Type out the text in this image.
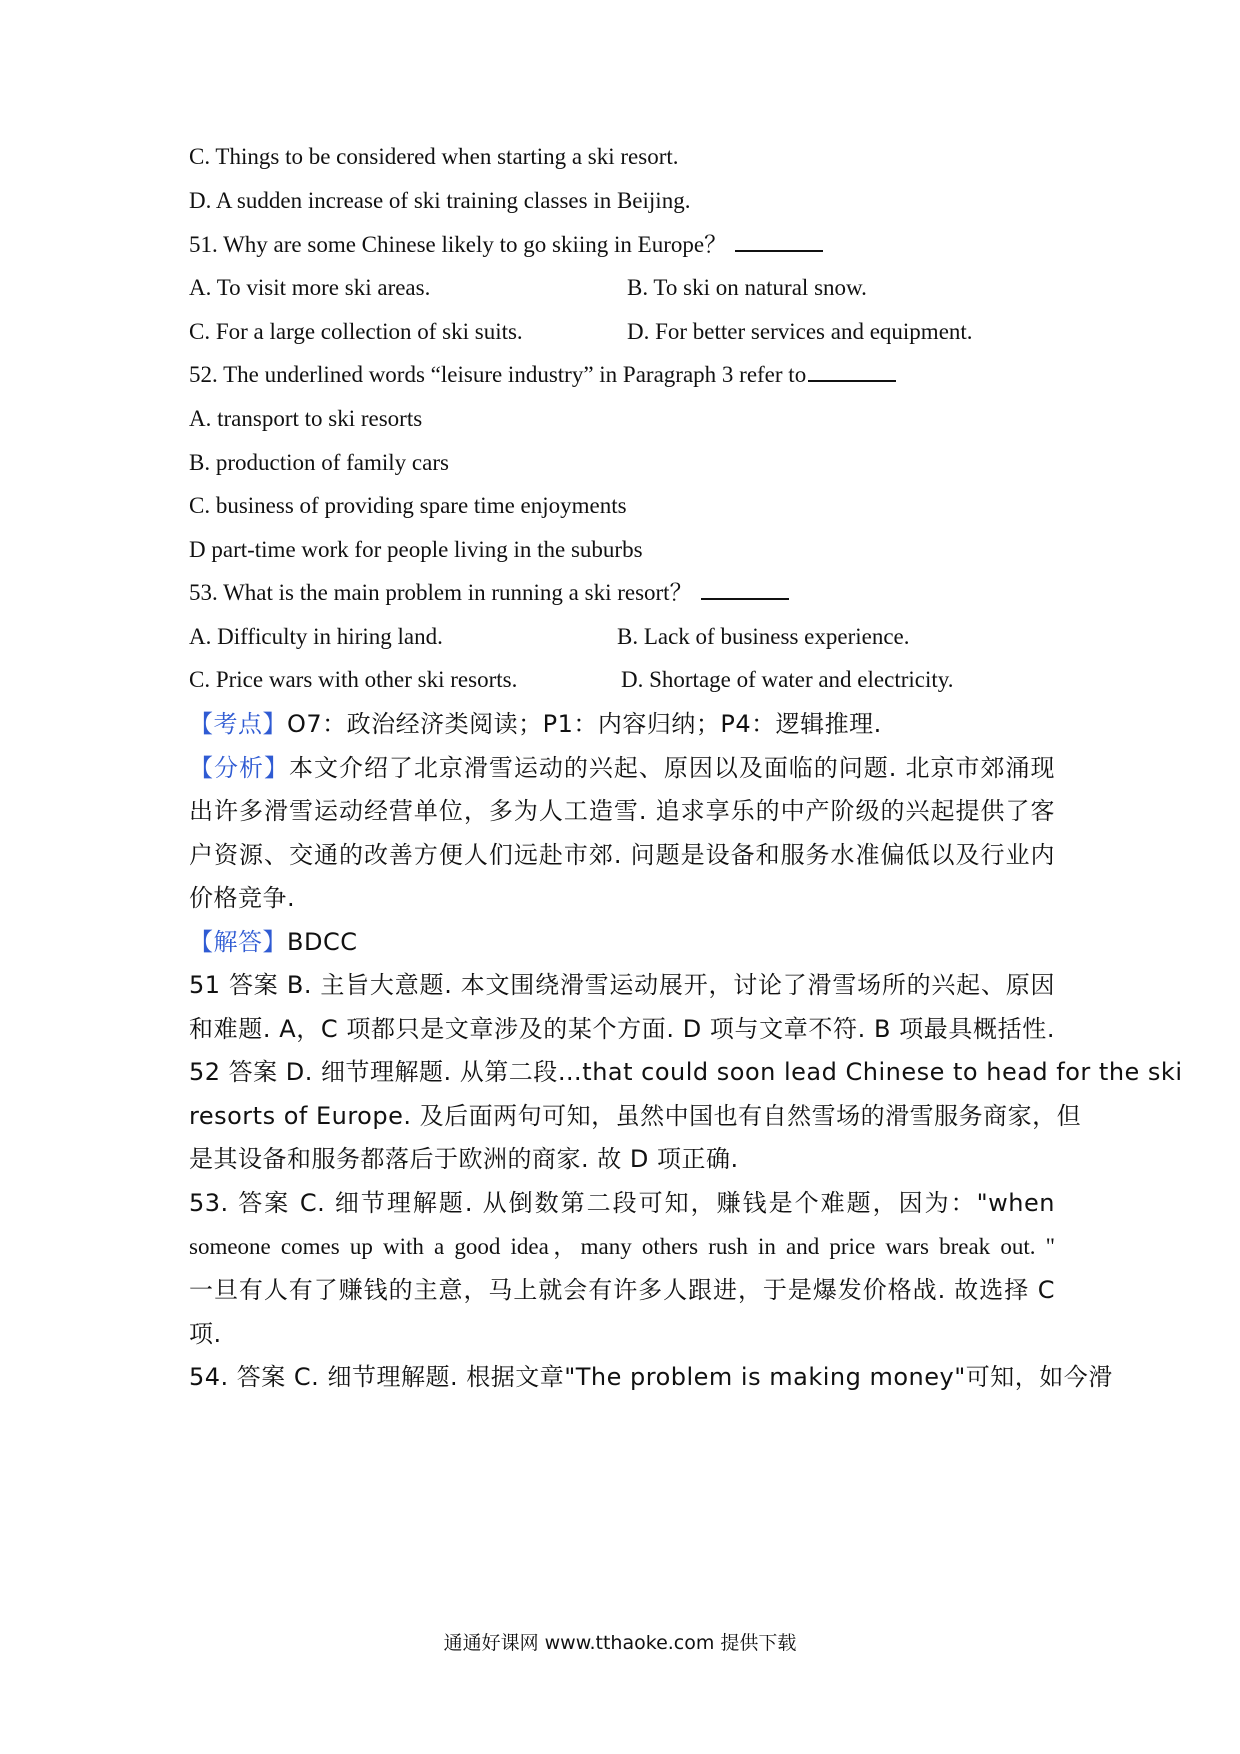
C. Things to be considered when starting a ski resort.
D. A sudden increase of ski training classes in Beijing.
51. Why are some Chinese likely to go skiing in Europe？
A. To visit more ski areas.	B. To ski on natural snow.
C. For a large collection of ski suits.	D. For better services and equipment.
52. The underlined words “leisure industry” in Paragraph 3 refer to
A. transport to ski resorts
B. production of family cars
C. business of providing spare time enjoyments
D part-time work for people living in the suburbs
53. What is the main problem in running a ski resort？
A. Difficulty in hiring land.	B. Lack of business experience.
C. Price wars with other ski resorts.	D. Shortage of water and electricity.
【考点】O7：政治经济类阅读；P1：内容归纳；P4：逻辑推理.
【分析】本文介绍了北京滑雪运动的兴起、原因以及面临的问题. 北京市郊涌现
出许多滑雪运动经营单位，多为人工造雪. 追求享乐的中产阶级的兴起提供了客
户资源、交通的改善方便人们远赴市郊. 问题是设备和服务水准偏低以及行业内
价格竞争.
【解答】BDCC
51 答案 B. 主旨大意题. 本文围绕滑雪运动展开，讨论了滑雪场所的兴起、原因
和难题. A，C 项都只是文章涉及的某个方面. D 项与文章不符. B 项最具概括性.
52 答案 D. 细节理解题. 从第二段…that could soon lead Chinese to head for the ski
resorts of Europe. 及后面两句可知，虽然中国也有自然雪场的滑雪服务商家，但
是其设备和服务都落后于欧洲的商家. 故 D 项正确.
53. 答案 C. 细节理解题. 从倒数第二段可知，赚钱是个难题，因为："when
someone comes up with a good idea，many others rush in and price wars break out. "
一旦有人有了赚钱的主意，马上就会有许多人跟进，于是爆发价格战. 故选择 C
项.
54. 答案 C. 细节理解题. 根据文章"The problem is making money"可知，如今滑
通通好课网 www.tthaoke.com 提供下载
